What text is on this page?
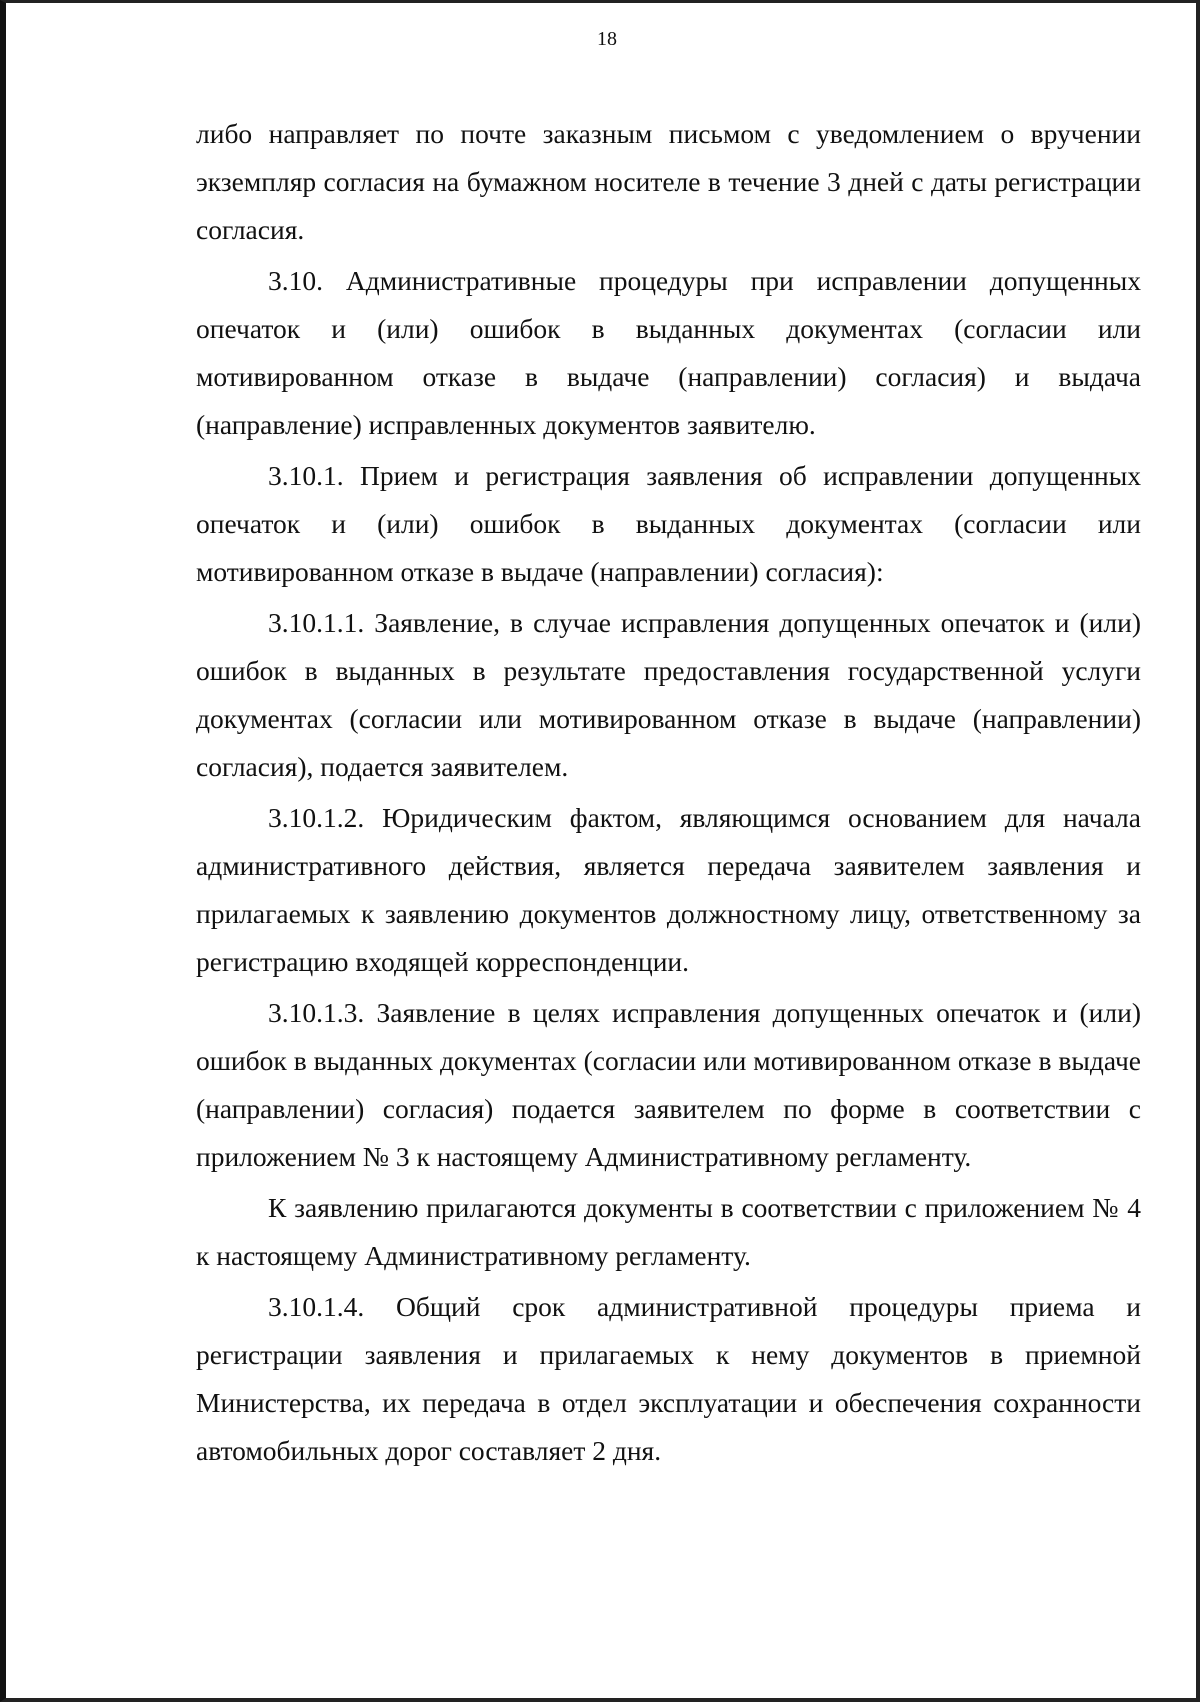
18

либо направляет по почте заказным письмом с уведомлением о вручении экземпляр согласия на бумажном носителе в течение 3 дней с даты регистрации согласия.

3.10. Административные процедуры при исправлении допущенных опечаток и (или) ошибок в выданных документах (согласии или мотивированном отказе в выдаче (направлении) согласия) и выдача (направление) исправленных документов заявителю.

3.10.1. Прием и регистрация заявления об исправлении допущенных опечаток и (или) ошибок в выданных документах (согласии или мотивированном отказе в выдаче (направлении) согласия):

3.10.1.1. Заявление, в случае исправления допущенных опечаток и (или) ошибок в выданных в результате предоставления государственной услуги документах (согласии или мотивированном отказе в выдаче (направлении) согласия), подается заявителем.

3.10.1.2. Юридическим фактом, являющимся основанием для начала административного действия, является передача заявителем заявления и прилагаемых к заявлению документов должностному лицу, ответственному за регистрацию входящей корреспонденции.

3.10.1.3. Заявление в целях исправления допущенных опечаток и (или) ошибок в выданных документах (согласии или мотивированном отказе в выдаче (направлении) согласия) подается заявителем по форме в соответствии с приложением № 3 к настоящему Административному регламенту.

К заявлению прилагаются документы в соответствии с приложением № 4 к настоящему Административному регламенту.

3.10.1.4. Общий срок административной процедуры приема и регистрации заявления и прилагаемых к нему документов в приемной Министерства, их передача в отдел эксплуатации и обеспечения сохранности автомобильных дорог составляет 2 дня.
